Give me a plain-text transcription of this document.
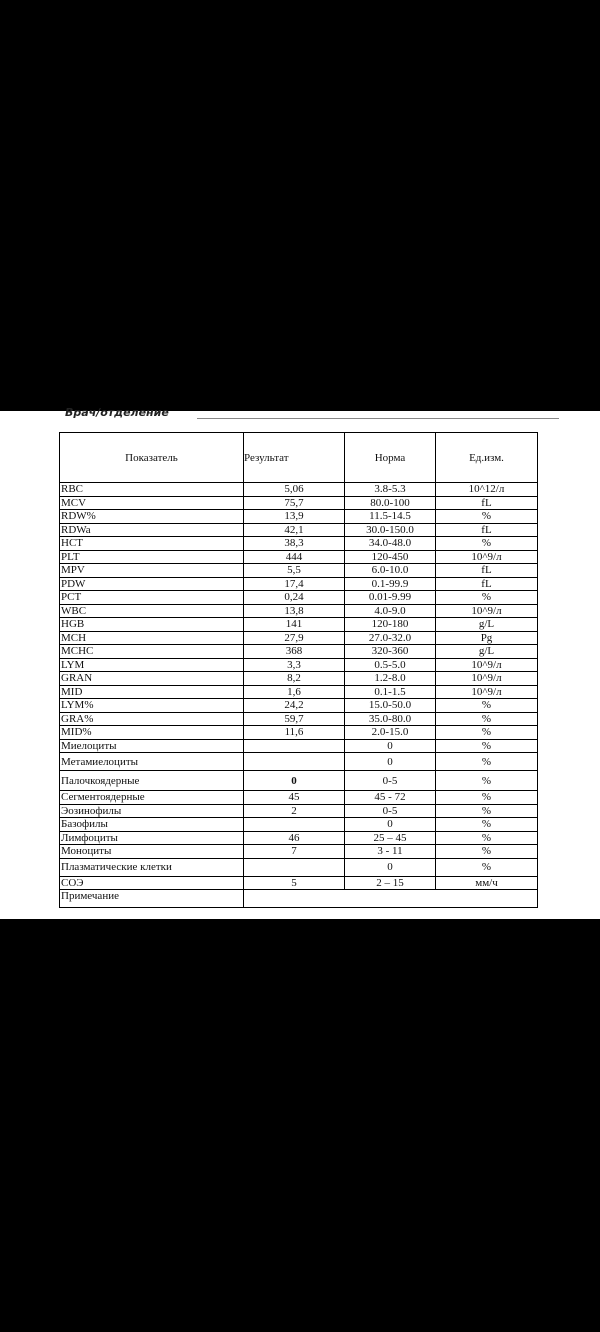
Врач/отделение
Показатель	Результат	Норма	Ед.изм.
RBC	5,06	3.8-5.3	10^12/л
MCV	75,7	80.0-100	fL
RDW%	13,9	11.5-14.5	%
RDWa	42,1	30.0-150.0	fL
HCT	38,3	34.0-48.0	%
PLT	444	120-450	10^9/л
MPV	5,5	6.0-10.0	fL
PDW	17,4	0.1-99.9	fL
PCT	0,24	0.01-9.99	%
WBC	13,8	4.0-9.0	10^9/л
HGB	141	120-180	g/L
MCH	27,9	27.0-32.0	Pg
MCHC	368	320-360	g/L
LYM	3,3	0.5-5.0	10^9/л
GRAN	8,2	1.2-8.0	10^9/л
MID	1,6	0.1-1.5	10^9/л
LYM%	24,2	15.0-50.0	%
GRA%	59,7	35.0-80.0	%
MID%	11,6	2.0-15.0	%
Миелоциты		0	%
Метамиелоциты		0	%
Палочкоядерные	0	0-5	%
Сегментоядерные	45	45 - 72	%
Эозинофилы	2	0-5	%
Базофилы		0	%
Лимфоциты	46	25 – 45	%
Моноциты	7	3 - 11	%
Плазматические клетки		0	%
СОЭ	5	2 – 15	мм/ч
Примечание			
